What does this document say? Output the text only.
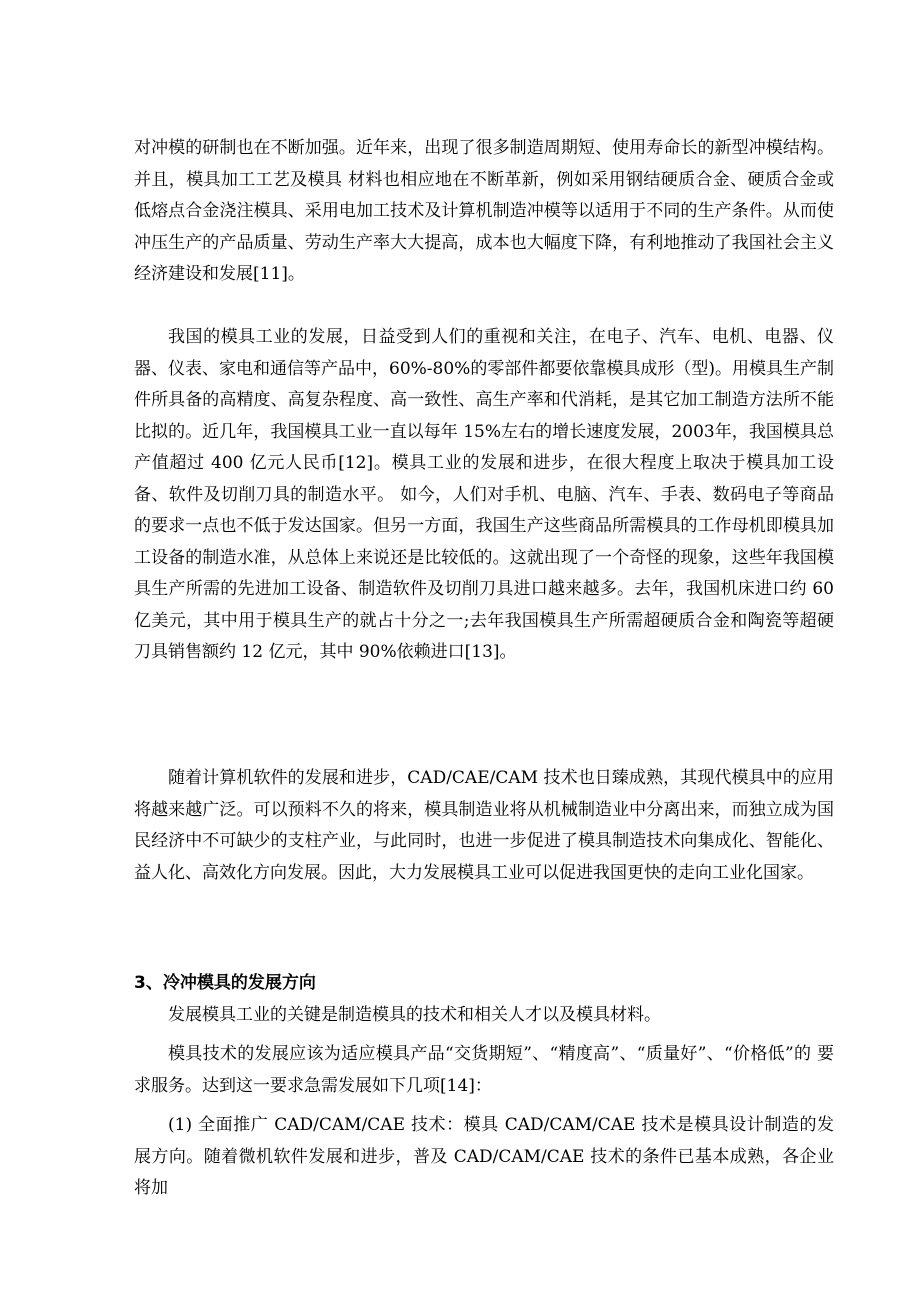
对冲模的研制也在不断加强。近年来，出现了很多制造周期短、使用寿命长的新型冲模结构。并且，模具加工工艺及模具 材料也相应地在不断革新，例如采用钢结硬质合金、硬质合金或低熔点合金浇注模具、采用电加工技术及计算机制造冲模等以适用于不同的生产条件。从而使冲压生产的产品质量、劳动生产率大大提高，成本也大幅度下降，有利地推动了我国社会主义经济建设和发展[11]。

我国的模具工业的发展，日益受到人们的重视和关注，在电子、汽车、电机、电器、仪器、仪表、家电和通信等产品中，60%-80%的零部件都要依靠模具成形（型)。用模具生产制件所具备的高精度、高复杂程度、高一致性、高生产率和代消耗，是其它加工制造方法所不能比拟的。近几年，我国模具工业一直以每年 15%左右的增长速度发展，2003年，我国模具总产值超过 400 亿元人民币[12]。模具工业的发展和进步，在很大程度上取决于模具加工设备、软件及切削刀具的制造水平。 如今，人们对手机、电脑、汽车、手表、数码电子等商品的要求一点也不低于发达国家。但另一方面，我国生产这些商品所需模具的工作母机即模具加工设备的制造水准，从总体上来说还是比较低的。这就出现了一个奇怪的现象，这些年我国模具生产所需的先进加工设备、制造软件及切削刀具进口越来越多。去年，我国机床进口约 60 亿美元，其中用于模具生产的就占十分之一;去年我国模具生产所需超硬质合金和陶瓷等超硬刀具销售额约 12 亿元，其中 90%依赖进口[13]。

随着计算机软件的发展和进步，CAD/CAE/CAM 技术也日臻成熟，其现代模具中的应用将越来越广泛。可以预料不久的将来，模具制造业将从机械制造业中分离出来，而独立成为国民经济中不可缺少的支柱产业，与此同时，也进一步促进了模具制造技术向集成化、智能化、益人化、高效化方向发展。因此，大力发展模具工业可以促进我国更快的走向工业化国家。

3、冷冲模具的发展方向

发展模具工业的关键是制造模具的技术和相关人才以及模具材料。

模具技术的发展应该为适应模具产品“交货期短”、“精度高”、“质量好”、“价格低”的 要求服务。达到这一要求急需发展如下几项[14]：

(1) 全面推广 CAD/CAM/CAE 技术：模具 CAD/CAM/CAE 技术是模具设计制造的发展方向。随着微机软件发展和进步，普及 CAD/CAM/CAE 技术的条件已基本成熟，各企业将加
